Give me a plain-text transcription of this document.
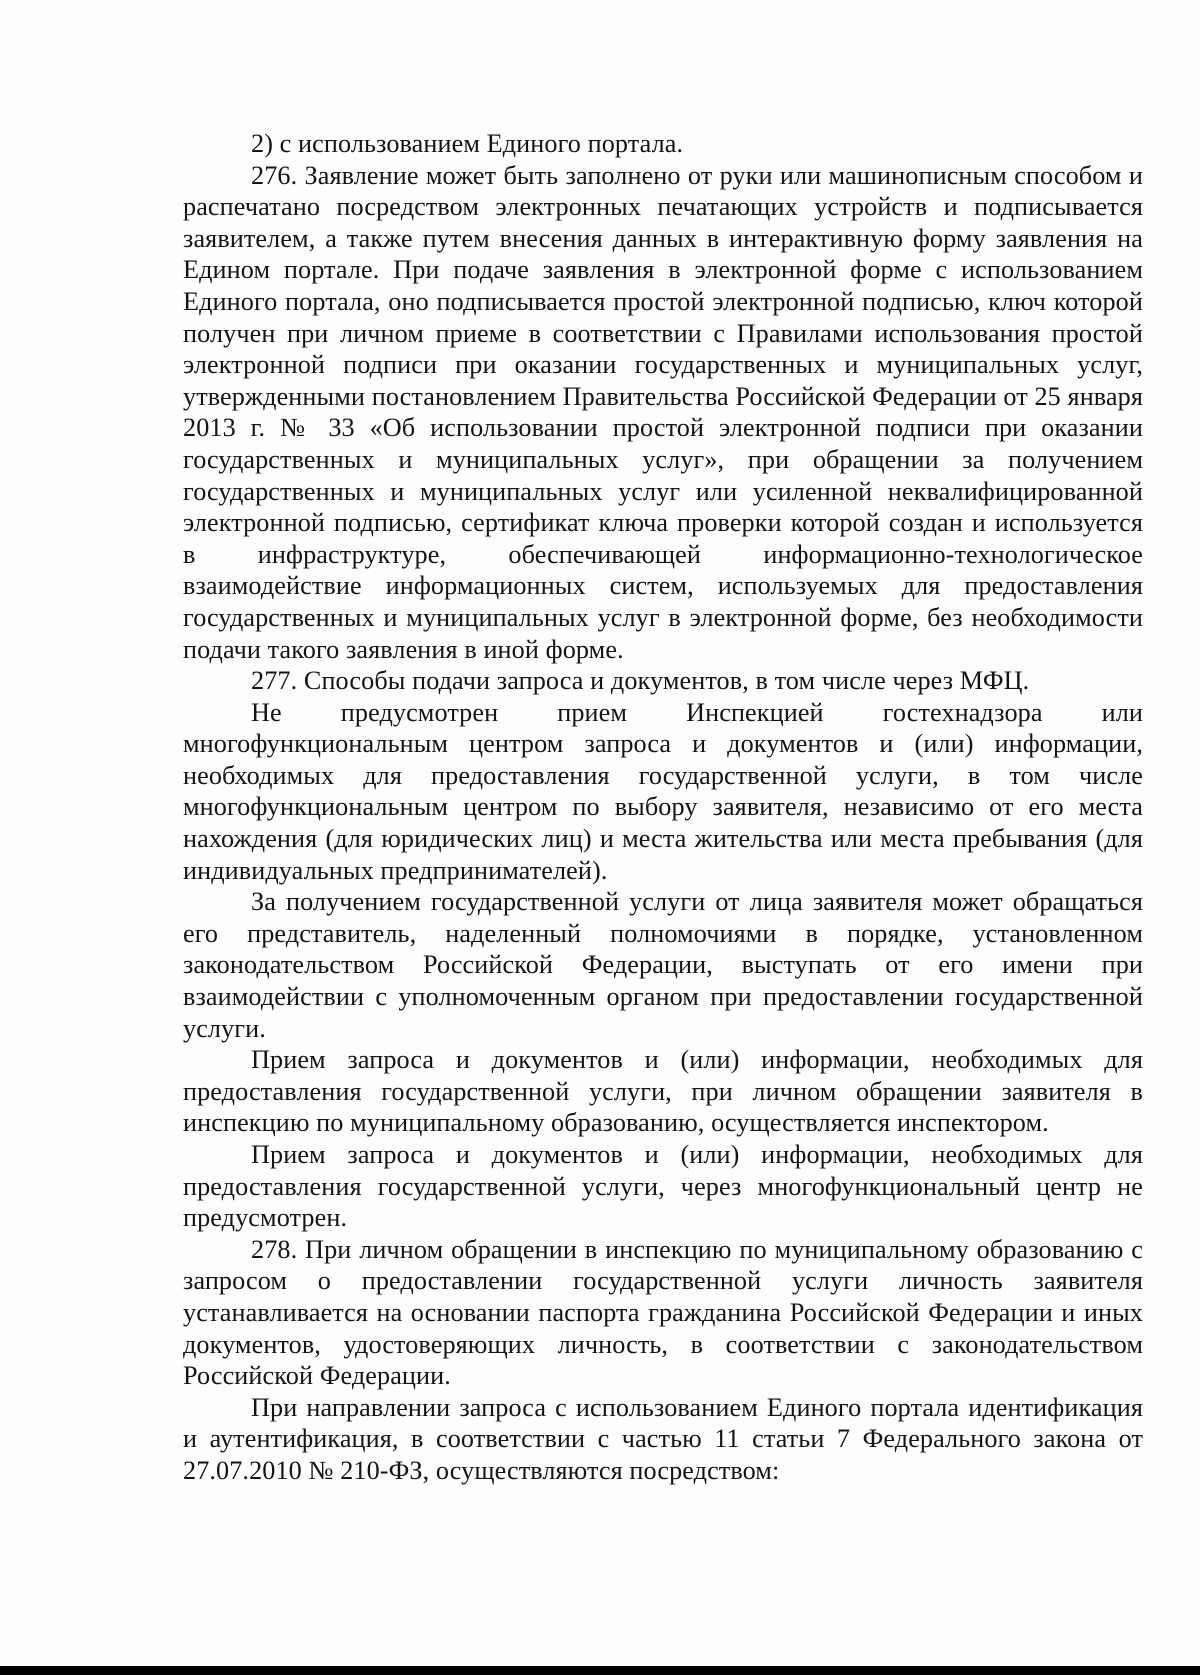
2) с использованием Единого портала.

276. Заявление может быть заполнено от руки или машинописным способом и распечатано посредством электронных печатающих устройств и подписывается заявителем, а также путем внесения данных в интерактивную форму заявления на Едином портале. При подаче заявления в электронной форме с использованием Единого портала, оно подписывается простой электронной подписью, ключ которой получен при личном приеме в соответствии с Правилами использования простой электронной подписи при оказании государственных и муниципальных услуг, утвержденными постановлением Правительства Российской Федерации от 25 января 2013 г. № 33 «Об использовании простой электронной подписи при оказании государственных и муниципальных услуг», при обращении за получением государственных и муниципальных услуг или усиленной неквалифицированной электронной подписью, сертификат ключа проверки которой создан и используется в инфраструктуре, обеспечивающей информационно-технологическое взаимодействие информационных систем, используемых для предоставления государственных и муниципальных услуг в электронной форме, без необходимости подачи такого заявления в иной форме.

277. Способы подачи запроса и документов, в том числе через МФЦ.

Не предусмотрен прием Инспекцией гостехнадзора или многофункциональным центром запроса и документов и (или) информации, необходимых для предоставления государственной услуги, в том числе многофункциональным центром по выбору заявителя, независимо от его места нахождения (для юридических лиц) и места жительства или места пребывания (для индивидуальных предпринимателей).

За получением государственной услуги от лица заявителя может обращаться его представитель, наделенный полномочиями в порядке, установленном законодательством Российской Федерации, выступать от его имени при взаимодействии с уполномоченным органом при предоставлении государственной услуги.

Прием запроса и документов и (или) информации, необходимых для предоставления государственной услуги, при личном обращении заявителя в инспекцию по муниципальному образованию, осуществляется инспектором.

Прием запроса и документов и (или) информации, необходимых для предоставления государственной услуги, через многофункциональный центр не предусмотрен.

278. При личном обращении в инспекцию по муниципальному образованию с запросом о предоставлении государственной услуги личность заявителя устанавливается на основании паспорта гражданина Российской Федерации и иных документов, удостоверяющих личность, в соответствии с законодательством Российской Федерации.

При направлении запроса с использованием Единого портала идентификация и аутентификация, в соответствии с частью 11 статьи 7 Федерального закона от 27.07.2010 № 210-ФЗ, осуществляются посредством:
